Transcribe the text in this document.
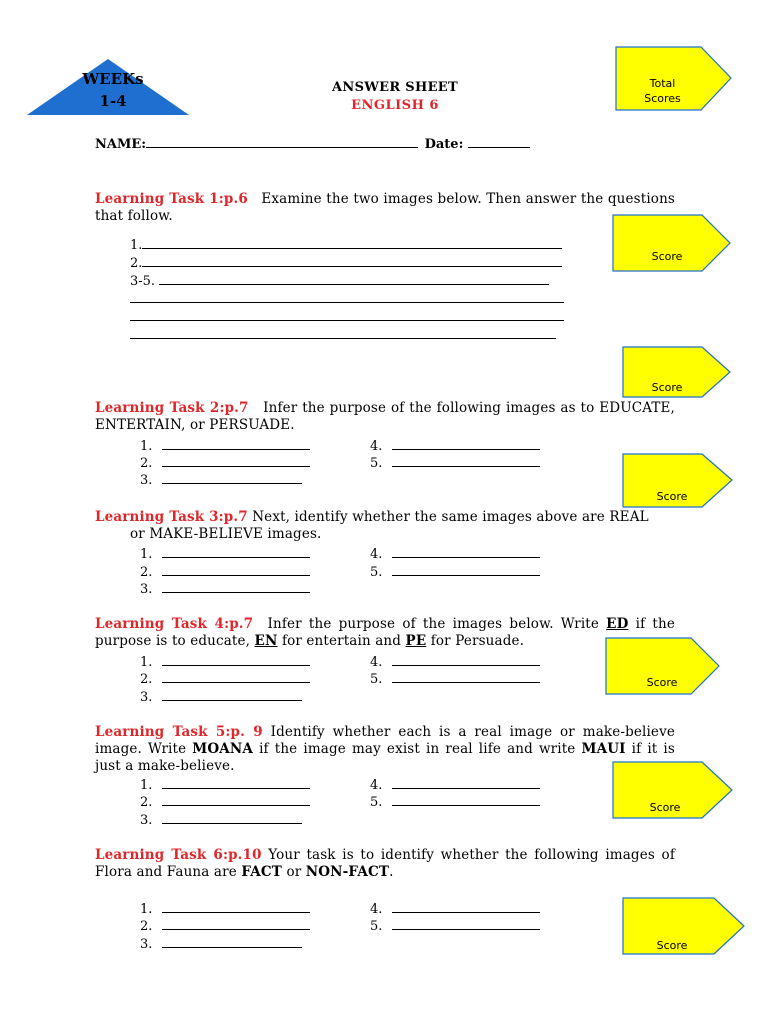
WEEKs
1-4
ANSWER SHEET
ENGLISH 6
Total
Scores
NAME:	Date:
Learning Task 1:p.6 Examine the two images below. Then answer the questions that follow.
1.
2.
3-5.
Score
Score
Learning Task 2:p.7 Infer the purpose of the following images as to EDUCATE, ENTERTAIN, or PERSUADE.
1.
2.
3.
4.
5.
Score
Learning Task 3:p.7 Next, identify whether the same images above are REAL
or MAKE-BELIEVE images.
1.
2.
3.
4.
5.
Learning Task 4:p.7 Infer the purpose of the images below. Write ED if the purpose is to educate, EN for entertain and PE for Persuade.
1.
2.
3.
4.
5.	Score
Learning Task 5:p. 9 Identify whether each is a real image or make-believe image. Write MOANA if the image may exist in real life and write MAUI if it is just a make-believe.
1.
2.
3.
4.
5.	Score
Learning Task 6:p.10 Your task is to identify whether the following images of Flora and Fauna are FACT or NON-FACT.
1.
2.
3.
4.
5.
Score
